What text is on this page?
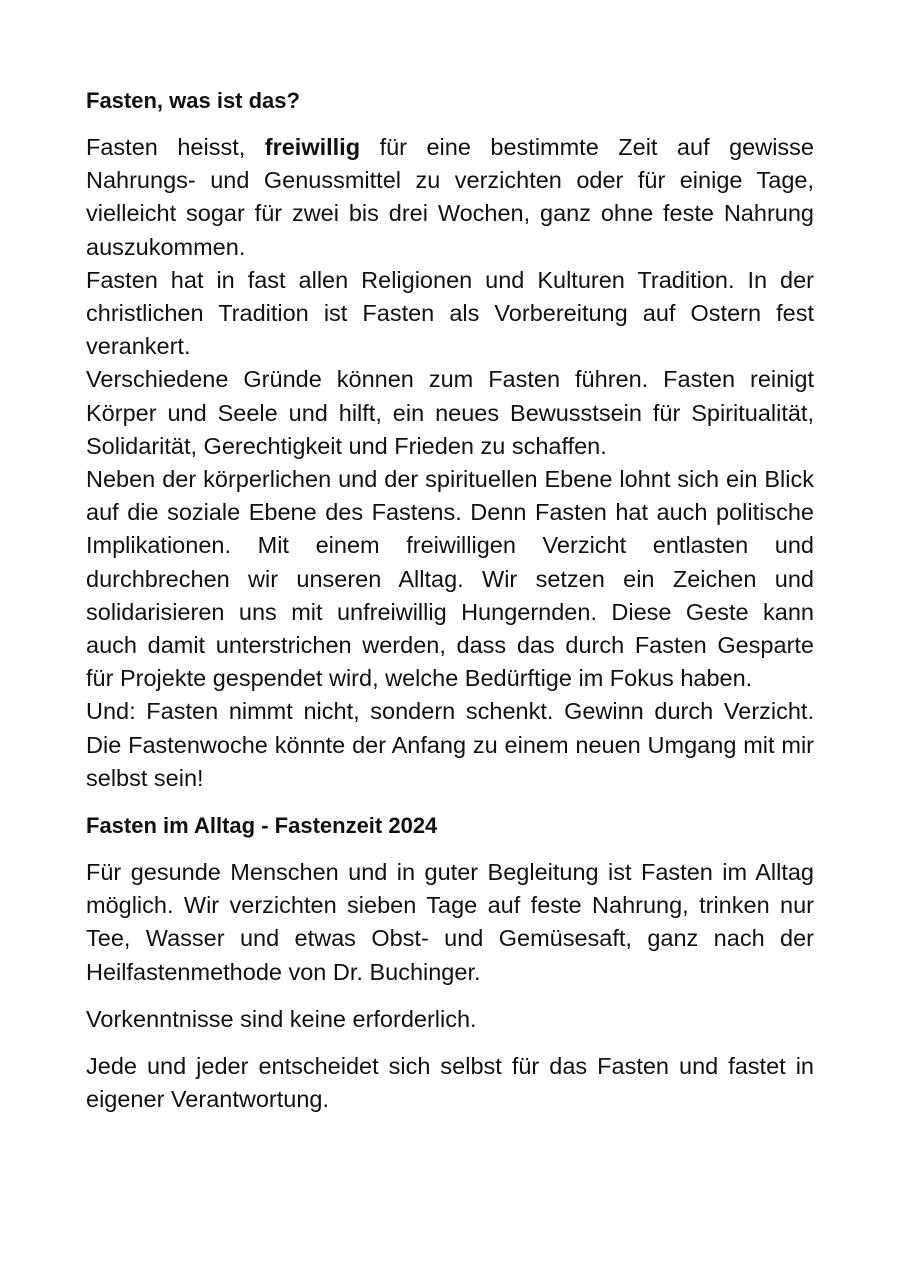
Fasten, was ist das?

Fasten heisst, freiwillig für eine bestimmte Zeit auf gewisse Nahrungs- und Genussmittel zu verzichten oder für einige Tage, vielleicht sogar für zwei bis drei Wochen, ganz ohne feste Nahrung auszukommen.

Fasten hat in fast allen Religionen und Kulturen Tradition. In der christlichen Tradition ist Fasten als Vorbereitung auf Ostern fest verankert.

Verschiedene Gründe können zum Fasten führen. Fasten reinigt Körper und Seele und hilft, ein neues Bewusstsein für Spiritualität, Solidarität, Gerechtigkeit und Frieden zu schaffen.

Neben der körperlichen und der spirituellen Ebene lohnt sich ein Blick auf die soziale Ebene des Fastens. Denn Fasten hat auch politische Implikationen. Mit einem freiwilligen Verzicht entlasten und durchbrechen wir unseren Alltag. Wir setzen ein Zeichen und solidarisieren uns mit unfreiwillig Hungernden. Diese Geste kann auch damit unterstrichen werden, dass das durch Fasten Gesparte für Projekte gespendet wird, welche Bedürftige im Fokus haben.

Und: Fasten nimmt nicht, sondern schenkt. Gewinn durch Verzicht. Die Fastenwoche könnte der Anfang zu einem neuen Umgang mit mir selbst sein!

Fasten im Alltag - Fastenzeit 2024

Für gesunde Menschen und in guter Begleitung ist Fasten im Alltag möglich. Wir verzichten sieben Tage auf feste Nahrung, trinken nur Tee, Wasser und etwas Obst- und Gemüsesaft, ganz nach der Heilfastenmethode von Dr. Buchinger.

Vorkenntnisse sind keine erforderlich.

Jede und jeder entscheidet sich selbst für das Fasten und fastet in eigener Verantwortung.
